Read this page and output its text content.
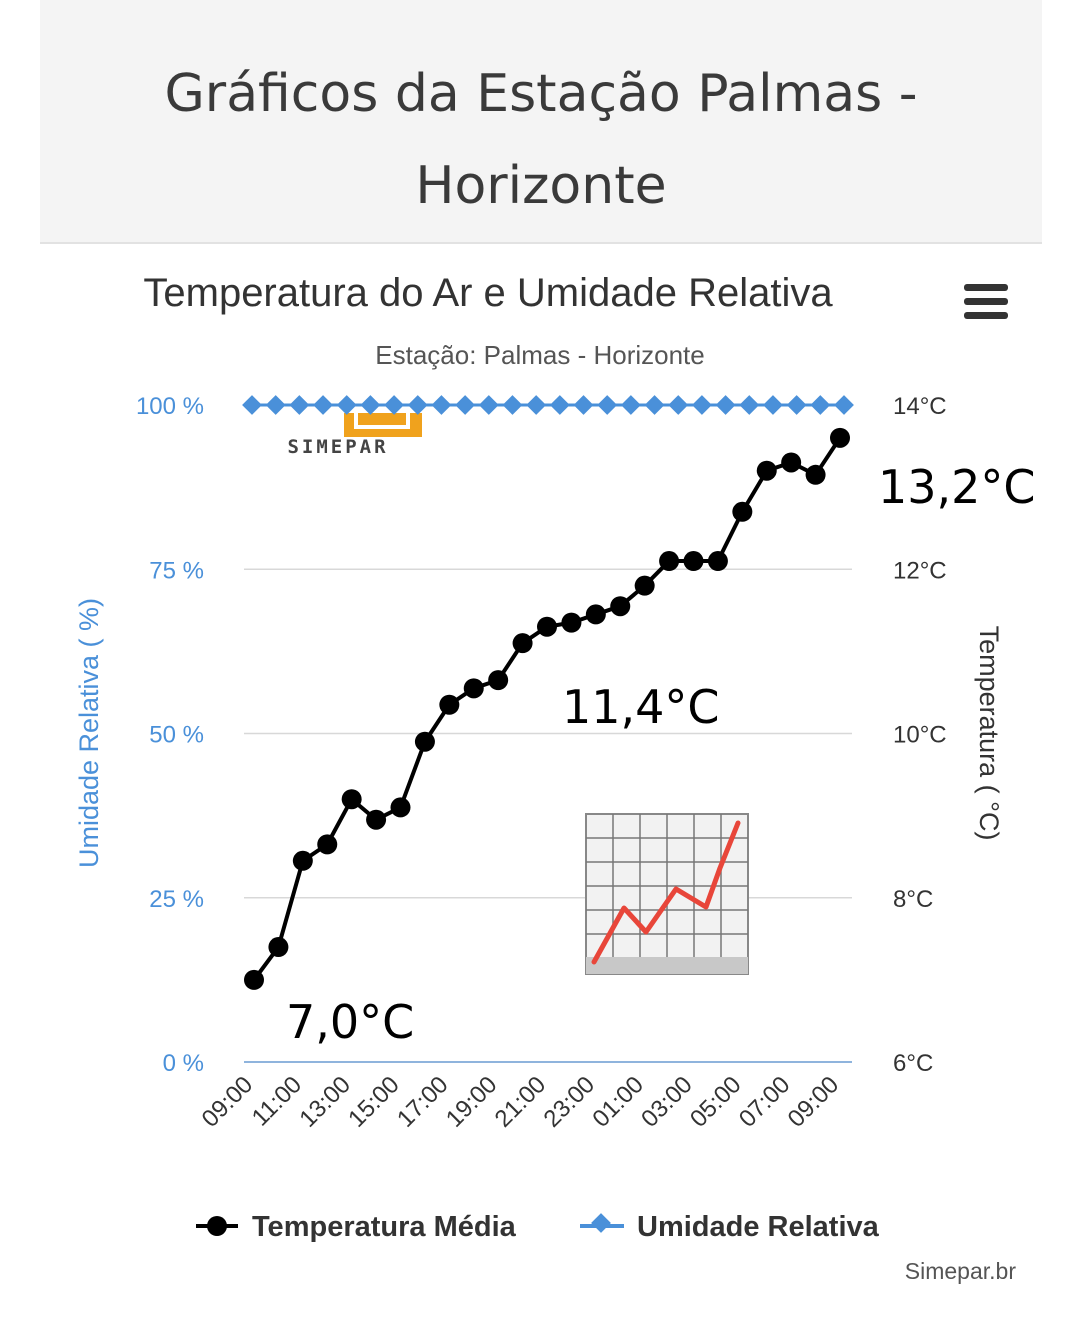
Gráficos da Estação Palmas - Horizonte
Temperatura do Ar e Umidade Relativa
Estação: Palmas - Horizonte
0 %
25 %
50 %
75 %
100 %
6°C
8°C
10°C
12°C
14°C
09:00
11:00
13:00
15:00
17:00
19:00
21:00
23:00
01:00
03:00
05:00
07:00
09:00
Umidade Relativa ( %)	Temperatura ( °C)
SIMEPAR
13,2°C
11,4°C
7,0°C
Temperatura Média	Umidade Relativa
Simepar.br
